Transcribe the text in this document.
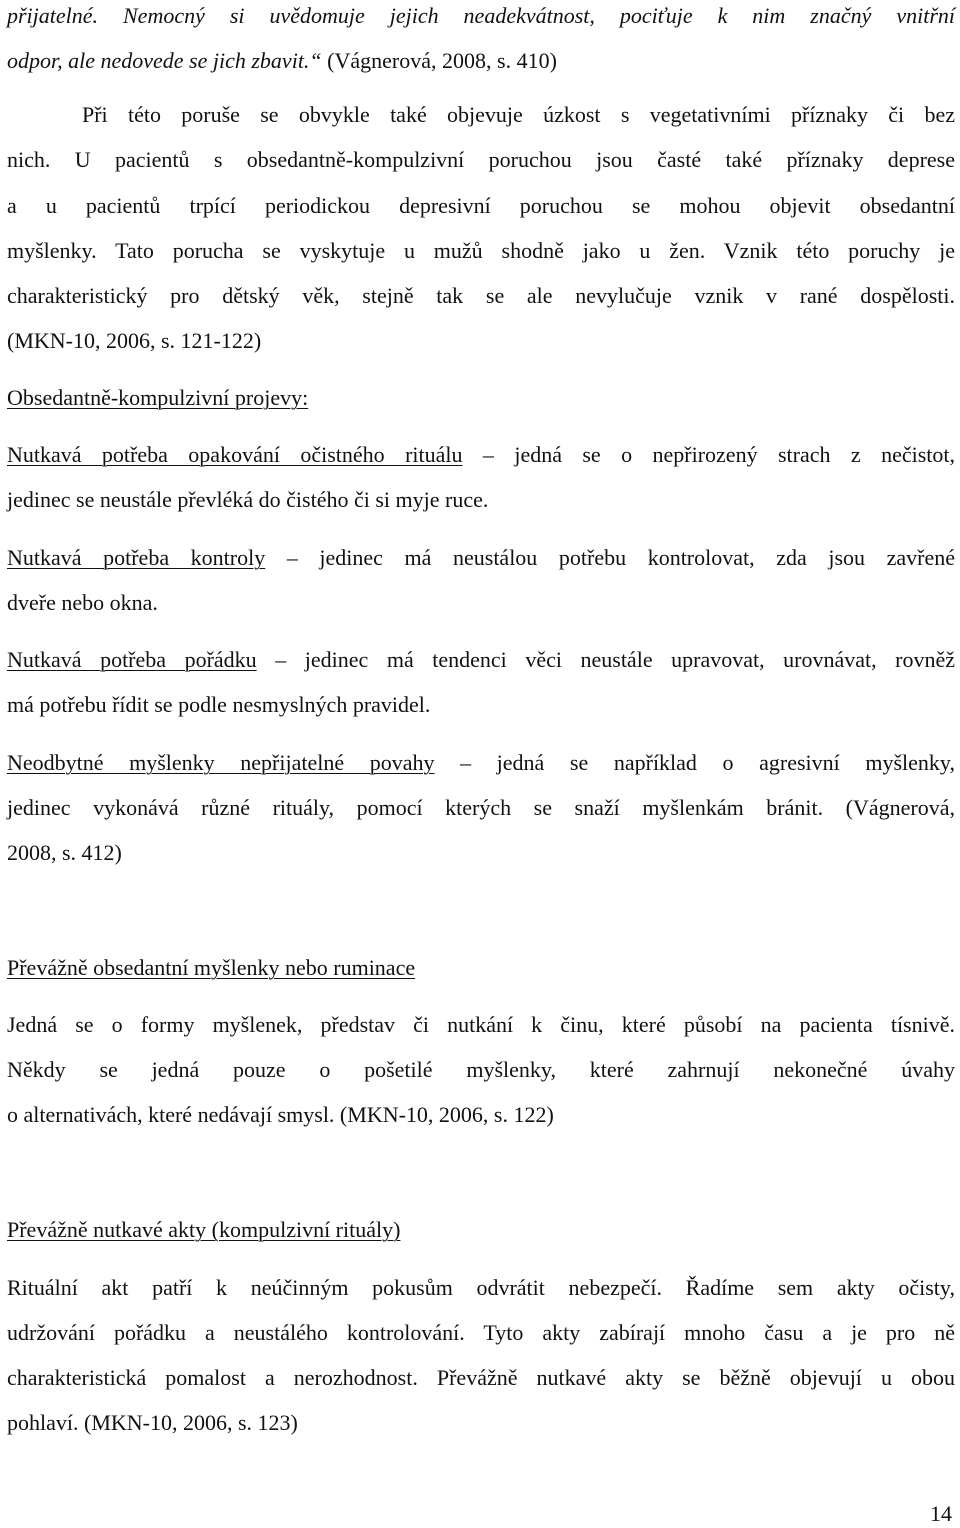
přijatelné. Nemocný si uvědomuje jejich neadekvátnost, pociťuje k nim značný vnitřní
odpor, ale nedovede se jich zbavit.“ (Vágnerová, 2008, s. 410)
Při této poruše se obvykle také objevuje úzkost s vegetativními příznaky či bez
nich. U pacientů s obsedantně-kompulzivní poruchou jsou časté také příznaky deprese
a u pacientů trpící periodickou depresivní poruchou se mohou objevit obsedantní
myšlenky. Tato porucha se vyskytuje u mužů shodně jako u žen. Vznik této poruchy je
charakteristický pro dětský věk, stejně tak se ale nevylučuje vznik v rané dospělosti.
(MKN-10, 2006, s. 121-122)
Obsedantně-kompulzivní projevy:
Nutkavá potřeba opakování očistného rituálu – jedná se o nepřirozený strach z nečistot,
jedinec se neustále převléká do čistého či si myje ruce.
Nutkavá potřeba kontroly – jedinec má neustálou potřebu kontrolovat, zda jsou zavřené
dveře nebo okna.
Nutkavá potřeba pořádku – jedinec má tendenci věci neustále upravovat, urovnávat, rovněž
má potřebu řídit se podle nesmyslných pravidel.
Neodbytné myšlenky nepřijatelné povahy – jedná se například o agresivní myšlenky,
jedinec vykonává různé rituály, pomocí kterých se snaží myšlenkám bránit. (Vágnerová,
2008, s. 412)
Převážně obsedantní myšlenky nebo ruminace
Jedná se o formy myšlenek, představ či nutkání k činu, které působí na pacienta tísnivě.
Někdy se jedná pouze o pošetilé myšlenky, které zahrnují nekonečné úvahy
o alternativách, které nedávají smysl. (MKN-10, 2006, s. 122)
Převážně nutkavé akty (kompulzivní rituály)
Rituální akt patří k neúčinným pokusům odvrátit nebezpečí. Řadíme sem akty očisty,
udržování pořádku a neustálého kontrolování. Tyto akty zabírají mnoho času a je pro ně
charakteristická pomalost a nerozhodnost. Převážně nutkavé akty se běžně objevují u obou
pohlaví. (MKN-10, 2006, s. 123)
14
